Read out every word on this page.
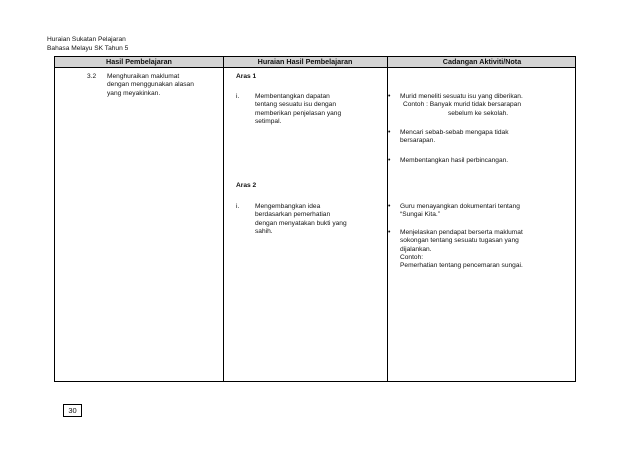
Huraian Sukatan Pelajaran
Bahasa Melayu SK Tahun 5
Hasil Pembelajaran	Huraian Hasil Pembelajaran	Cadangan Aktiviti/Nota
3.2 Menghuraikan maklumat
dengan menggunakan alasan
yang meyakinkan.
Aras 1
i. Membentangkan dapatan
tentang sesuatu isu dengan
memberikan penjelasan yang
setimpal.
Aras 2
i. Mengembangkan idea
berdasarkan pemerhatian
dengan menyatakan bukti yang
sahih.
• Murid meneliti sesuatu isu yang diberikan.
Contoh : Banyak murid tidak bersarapan
sebelum ke sekolah.
• Mencari sebab-sebab mengapa tidak
bersarapan.
• Membentangkan hasil perbincangan.
• Guru menayangkan dokumentari tentang
“Sungai Kita.”
• Menjelaskan pendapat berserta maklumat
sokongan tentang sesuatu tugasan yang
dijalankan.
Contoh:
Pemerhatian tentang pencemaran sungai.
30
